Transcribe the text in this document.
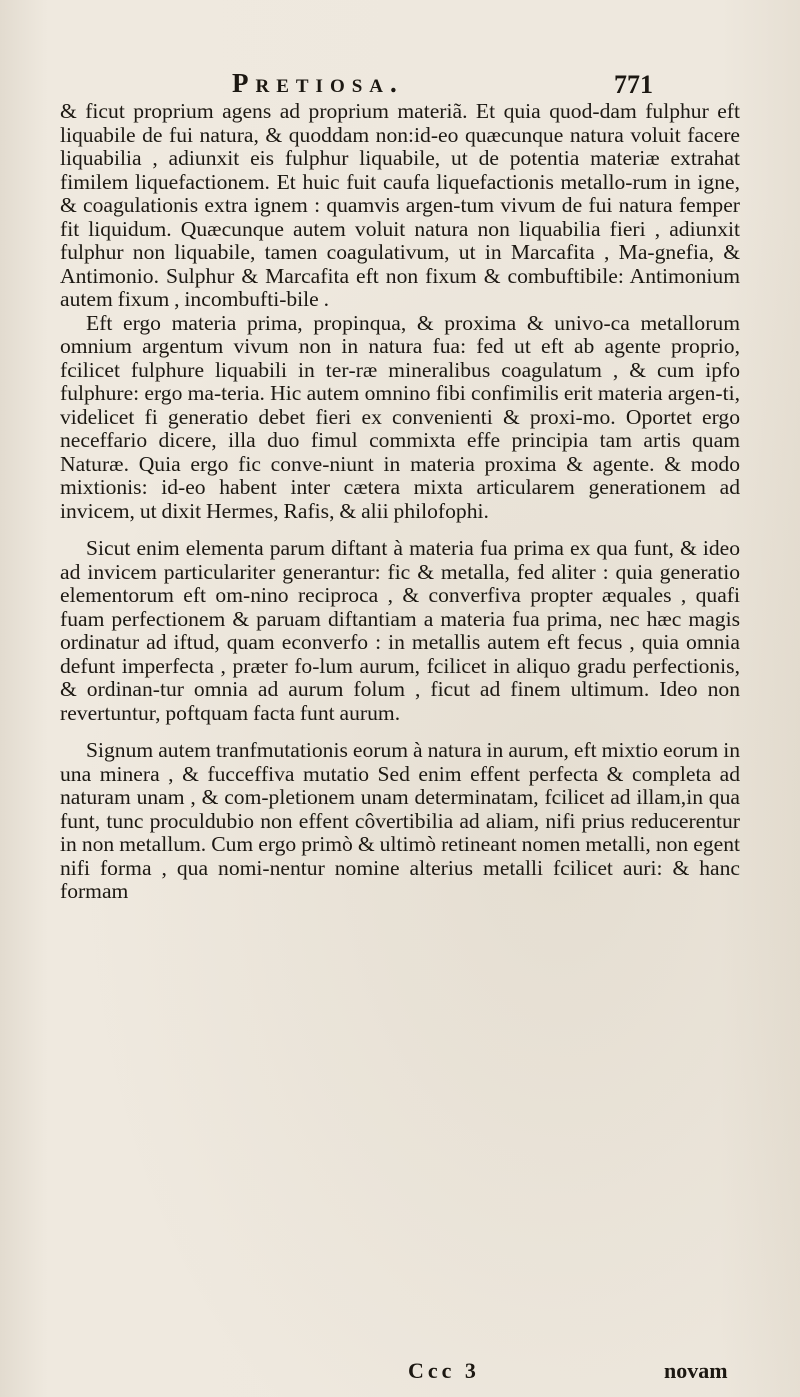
Pretiosa.	771

& ficut proprium agens ad proprium materiã. Et quia quod‑dam fulphur eft liquabile de fui natura, & quoddam non:id‑eo quæcunque natura voluit facere liquabilia , adiunxit eis fulphur liquabile, ut de potentia materiæ extrahat fimilem liquefactionem. Et huic fuit caufa liquefactionis metallo‑rum in igne, & coagulationis extra ignem : quamvis argen‑tum vivum de fui natura femper fit liquidum. Quæcunque autem voluit natura non liquabilia fieri , adiunxit fulphur non liquabile, tamen coagulativum, ut in Marcafita , Ma‑gnefia, & Antimonio. Sulphur & Marcafita eft non fixum & combuftibile: Antimonium autem fixum , incombufti‑bile .

Eft ergo materia prima, propinqua, & proxima & univo‑ca metallorum omnium argentum vivum non in natura fua: fed ut eft ab agente proprio, fcilicet fulphure liquabili in ter‑ræ mineralibus coagulatum , & cum ipfo fulphure: ergo ma‑teria. Hic autem omnino fibi confimilis erit materia argen‑ti, videlicet fi generatio debet fieri ex convenienti & proxi‑mo. Oportet ergo neceffario dicere, illa duo fimul commixta effe principia tam artis quam Naturæ. Quia ergo fic conve‑niunt in materia proxima & agente. & modo mixtionis: id‑eo habent inter cætera mixta articularem generationem ad invicem, ut dixit Hermes, Rafis, & alii philofophi.

Sicut enim elementa parum diftant à materia fua prima ex qua funt, & ideo ad invicem particulariter generantur: fic & metalla, fed aliter : quia generatio elementorum eft om‑nino reciproca , & converfiva propter æquales , quafi fuam perfectionem & paruam diftantiam a materia fua prima, nec hæc magis ordinatur ad iftud, quam econverfo : in metallis autem eft fecus , quia omnia defunt imperfecta , præter fo‑lum aurum, fcilicet in aliquo gradu perfectionis, & ordinan‑tur omnia ad aurum folum , ficut ad finem ultimum. Ideo non revertuntur, poftquam facta funt aurum.

Signum autem tranfmutationis eorum à natura in aurum, eft mixtio eorum in una minera , & fucceffiva mutatio Sed enim effent perfecta & completa ad naturam unam , & com‑pletionem unam determinatam, fcilicet ad illam,in qua funt, tunc proculdubio non effent côvertibilia ad aliam, nifi prius reducerentur in non metallum. Cum ergo primò & ultimò retineant nomen metalli, non egent nifi forma , qua nomi‑nentur nomine alterius metalli fcilicet auri: & hanc formam

Ccc 3	novam
